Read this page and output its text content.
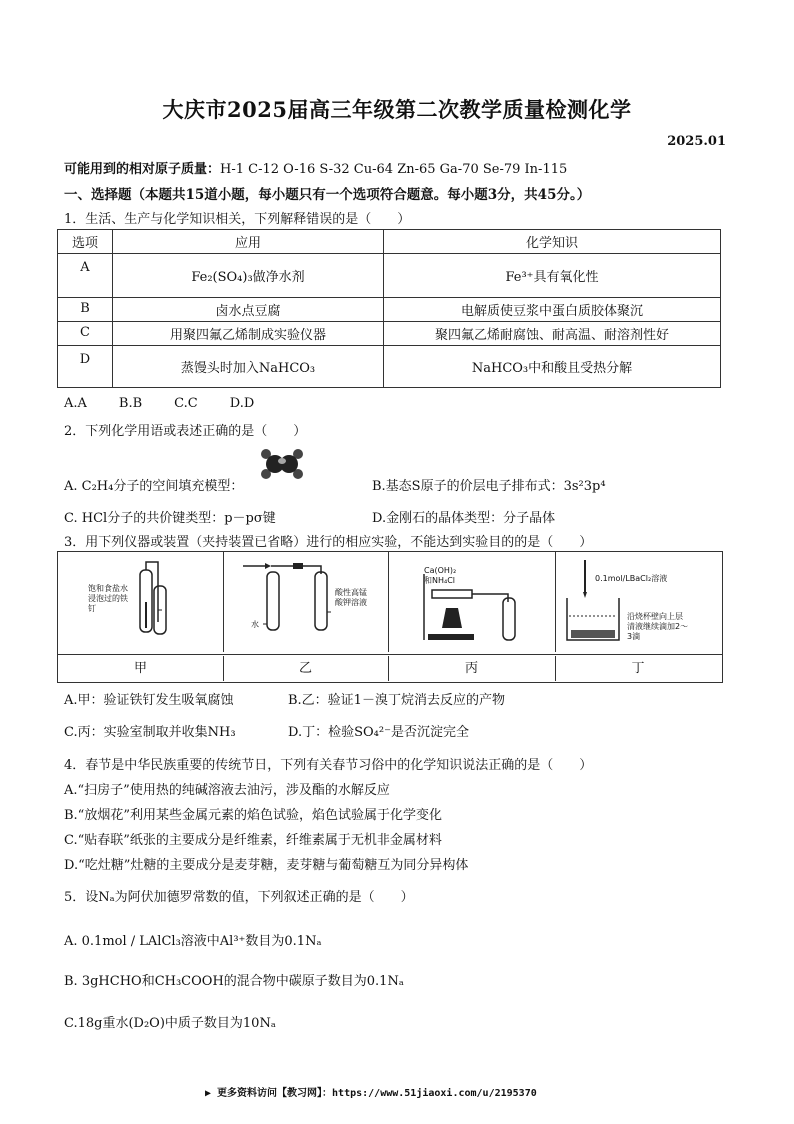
大庆市2025届高三年级第二次教学质量检测化学
2025.01
可能用到的相对原子质量：H-1 C-12 O-16 S-32 Cu-64 Zn-65 Ga-70 Se-79 In-115
一、选择题（本题共15道小题，每小题只有一个选项符合题意。每小题3分，共45分。）
1．生活、生产与化学知识相关，下列解释错误的是（　　）
选项	应用	化学知识
A	Fe₂(SO₄)₃做净水剂	Fe³⁺具有氧化性
B	卤水点豆腐	电解质使豆浆中蛋白质胶体聚沉
C	用聚四氟乙烯制成实验仪器	聚四氟乙烯耐腐蚀、耐高温、耐溶剂性好
D	蒸馒头时加入NaHCO₃	NaHCO₃中和酸且受热分解
A.A B.B C.C D.D
2．下列化学用语或表述正确的是（　　）
A. C₂H₄分子的空间填充模型：	B.基态S原子的价层电子排布式：3s²3p⁴
C. HCl分子的共价键类型：p－pσ键	D.金刚石的晶体类型：分子晶体
3．用下列仪器或装置（夹持装置已省略）进行的相应实验，不能达到实验目的的是（　　）
饱和食盐水浸泡过的铁钉
水
酸性高锰酸钾溶液
Ca(OH)₂和NH₄Cl	0.1mol/LBaCl₂溶液
沿烧杯壁向上层清液继续滴加2～3滴
甲	乙	丙	丁
A.甲：验证铁钉发生吸氧腐蚀	B.乙：验证1－溴丁烷消去反应的产物
C.丙：实验室制取并收集NH₃	D.丁：检验SO₄²⁻是否沉淀完全
4．春节是中华民族重要的传统节日，下列有关春节习俗中的化学知识说法正确的是（　　）
A.“扫房子”使用热的纯碱溶液去油污，涉及酯的水解反应
B.“放烟花”利用某些金属元素的焰色试验，焰色试验属于化学变化
C.“贴春联”纸张的主要成分是纤维素，纤维素属于无机非金属材料
D.“吃灶糖”灶糖的主要成分是麦芽糖，麦芽糖与葡萄糖互为同分异构体
5．设Nₐ为阿伏加德罗常数的值，下列叙述正确的是（　　）
A. 0.1mol / LAlCl₃溶液中Al³⁺数目为0.1Nₐ
B. 3gHCHO和CH₃COOH的混合物中碳原子数目为0.1Nₐ
C.18g重水(D₂O)中质子数目为10Nₐ
▶ 更多资料访问【教习网】：https://www.51jiaoxi.com/u/2195370
